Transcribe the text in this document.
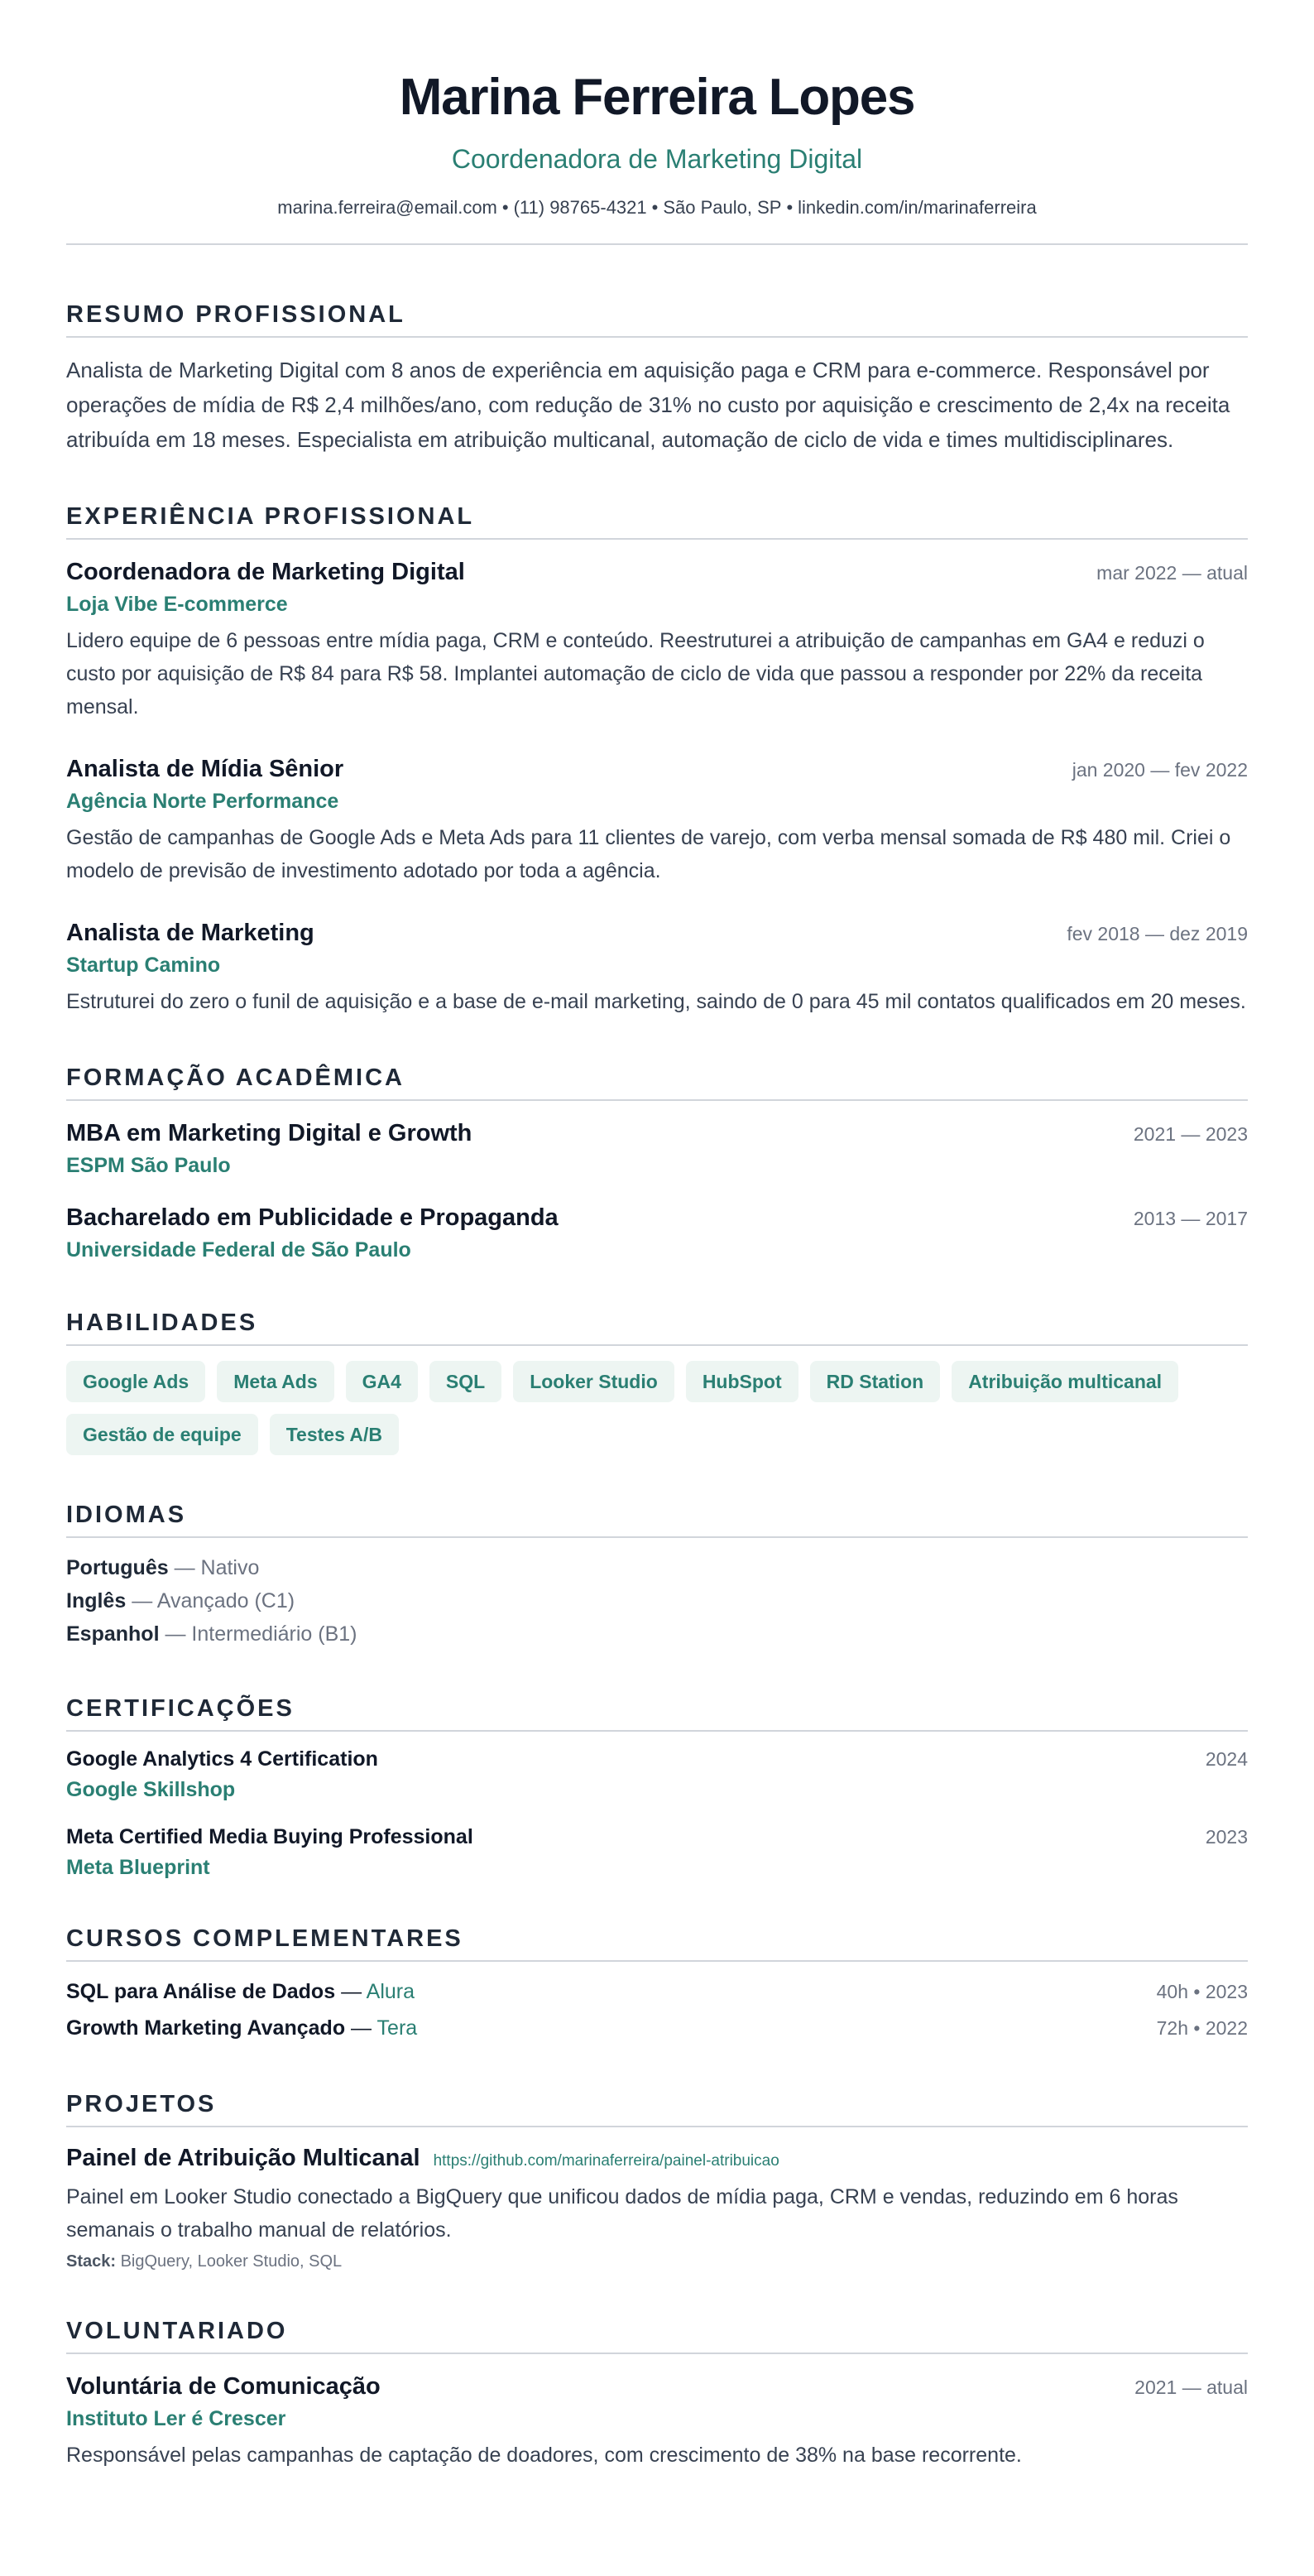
Marina Ferreira Lopes
Coordenadora de Marketing Digital
marina.ferreira@email.com • (11) 98765-4321 • São Paulo, SP • linkedin.com/in/marinaferreira
RESUMO PROFISSIONAL

Analista de Marketing Digital com 8 anos de experiência em aquisição paga e CRM para e-commerce. Responsável por operações de mídia de R$ 2,4 milhões/ano, com redução de 31% no custo por aquisição e crescimento de 2,4x na receita atribuída em 18 meses. Especialista em atribuição multicanal, automação de ciclo de vida e times multidisciplinares.

EXPERIÊNCIA PROFISSIONAL
Coordenadora de Marketing Digital	mar 2022 — atual
Loja Vibe E-commerce

Lidero equipe de 6 pessoas entre mídia paga, CRM e conteúdo. Reestruturei a atribuição de campanhas em GA4 e reduzi o custo por aquisição de R$ 84 para R$ 58. Implantei automação de ciclo de vida que passou a responder por 22% da receita mensal.

Analista de Mídia Sênior	jan 2020 — fev 2022
Agência Norte Performance

Gestão de campanhas de Google Ads e Meta Ads para 11 clientes de varejo, com verba mensal somada de R$ 480 mil. Criei o modelo de previsão de investimento adotado por toda a agência.

Analista de Marketing	fev 2018 — dez 2019
Startup Camino

Estruturei do zero o funil de aquisição e a base de e-mail marketing, saindo de 0 para 45 mil contatos qualificados em 20 meses.

FORMAÇÃO ACADÊMICA
MBA em Marketing Digital e Growth	2021 — 2023
ESPM São Paulo
Bacharelado em Publicidade e Propaganda	2013 — 2017
Universidade Federal de São Paulo
HABILIDADES
Google Ads	Meta Ads	GA4	SQL	Looker Studio	HubSpot	RD Station	Atribuição multicanal
Gestão de equipe	Testes A/B
IDIOMAS
Português — Nativo
Inglês — Avançado (C1)
Espanhol — Intermediário (B1)
CERTIFICAÇÕES
Google Analytics 4 Certification	2024
Google Skillshop
Meta Certified Media Buying Professional	2023
Meta Blueprint
CURSOS COMPLEMENTARES
SQL para Análise de Dados — Alura	40h • 2023
Growth Marketing Avançado — Tera	72h • 2022
PROJETOS
Painel de Atribuição Multicanal https://github.com/marinaferreira/painel-atribuicao

Painel em Looker Studio conectado a BigQuery que unificou dados de mídia paga, CRM e vendas, reduzindo em 6 horas semanais o trabalho manual de relatórios.

Stack: BigQuery, Looker Studio, SQL
VOLUNTARIADO
Voluntária de Comunicação	2021 — atual
Instituto Ler é Crescer

Responsável pelas campanhas de captação de doadores, com crescimento de 38% na base recorrente.
